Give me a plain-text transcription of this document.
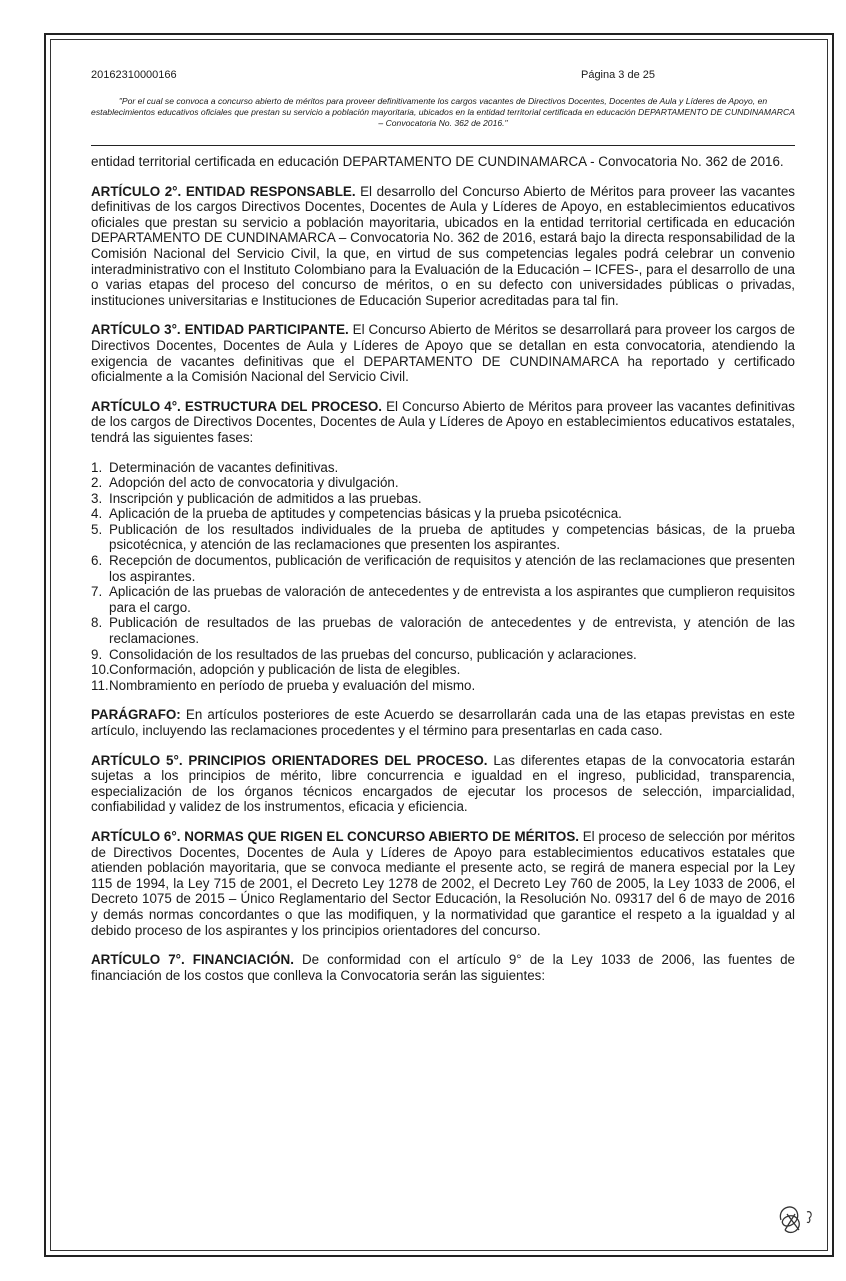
20162310000166	Página 3 de 25
"Por el cual se convoca a concurso abierto de méritos para proveer definitivamente los cargos vacantes de Directivos Docentes, Docentes de Aula y Líderes de Apoyo, en establecimientos educativos oficiales que prestan su servicio a población mayoritaria, ubicados en la entidad territorial certificada en educación DEPARTAMENTO DE CUNDINAMARCA – Convocatoria No. 362 de 2016."
entidad territorial certificada en educación DEPARTAMENTO DE CUNDINAMARCA - Convocatoria No. 362 de 2016.
ARTÍCULO 2°. ENTIDAD RESPONSABLE. El desarrollo del Concurso Abierto de Méritos para proveer las vacantes definitivas de los cargos Directivos Docentes, Docentes de Aula y Líderes de Apoyo, en establecimientos educativos oficiales que prestan su servicio a población mayoritaria, ubicados en la entidad territorial certificada en educación DEPARTAMENTO DE CUNDINAMARCA – Convocatoria No. 362 de 2016, estará bajo la directa responsabilidad de la Comisión Nacional del Servicio Civil, la que, en virtud de sus competencias legales podrá celebrar un convenio interadministrativo con el Instituto Colombiano para la Evaluación de la Educación – ICFES-, para el desarrollo de una o varias etapas del proceso del concurso de méritos, o en su defecto con universidades públicas o privadas, instituciones universitarias e Instituciones de Educación Superior acreditadas para tal fin.
ARTÍCULO 3°. ENTIDAD PARTICIPANTE. El Concurso Abierto de Méritos se desarrollará para proveer los cargos de Directivos Docentes, Docentes de Aula y Líderes de Apoyo que se detallan en esta convocatoria, atendiendo la exigencia de vacantes definitivas que el DEPARTAMENTO DE CUNDINAMARCA ha reportado y certificado oficialmente a la Comisión Nacional del Servicio Civil.
ARTÍCULO 4°. ESTRUCTURA DEL PROCESO. El Concurso Abierto de Méritos para proveer las vacantes definitivas de los cargos de Directivos Docentes, Docentes de Aula y Líderes de Apoyo en establecimientos educativos estatales, tendrá las siguientes fases:
1. Determinación de vacantes definitivas.
2. Adopción del acto de convocatoria y divulgación.
3. Inscripción y publicación de admitidos a las pruebas.
4. Aplicación de la prueba de aptitudes y competencias básicas y la prueba psicotécnica.
5. Publicación de los resultados individuales de la prueba de aptitudes y competencias básicas, de la prueba psicotécnica, y atención de las reclamaciones que presenten los aspirantes.
6. Recepción de documentos, publicación de verificación de requisitos y atención de las reclamaciones que presenten los aspirantes.
7. Aplicación de las pruebas de valoración de antecedentes y de entrevista a los aspirantes que cumplieron requisitos para el cargo.
8. Publicación de resultados de las pruebas de valoración de antecedentes y de entrevista, y atención de las reclamaciones.
9. Consolidación de los resultados de las pruebas del concurso, publicación y aclaraciones.
10. Conformación, adopción y publicación de lista de elegibles.
11. Nombramiento en período de prueba y evaluación del mismo.
PARÁGRAFO: En artículos posteriores de este Acuerdo se desarrollarán cada una de las etapas previstas en este artículo, incluyendo las reclamaciones procedentes y el término para presentarlas en cada caso.
ARTÍCULO 5°. PRINCIPIOS ORIENTADORES DEL PROCESO. Las diferentes etapas de la convocatoria estarán sujetas a los principios de mérito, libre concurrencia e igualdad en el ingreso, publicidad, transparencia, especialización de los órganos técnicos encargados de ejecutar los procesos de selección, imparcialidad, confiabilidad y validez de los instrumentos, eficacia y eficiencia.
ARTÍCULO 6°. NORMAS QUE RIGEN EL CONCURSO ABIERTO DE MÉRITOS. El proceso de selección por méritos de Directivos Docentes, Docentes de Aula y Líderes de Apoyo para establecimientos educativos estatales que atienden población mayoritaria, que se convoca mediante el presente acto, se regirá de manera especial por la Ley 115 de 1994, la Ley 715 de 2001, el Decreto Ley 1278 de 2002, el Decreto Ley 760 de 2005, la Ley 1033 de 2006, el Decreto 1075 de 2015 – Único Reglamentario del Sector Educación, la Resolución No. 09317 del 6 de mayo de 2016 y demás normas concordantes o que las modifiquen, y la normatividad que garantice el respeto a la igualdad y al debido proceso de los aspirantes y los principios orientadores del concurso.
ARTÍCULO 7°. FINANCIACIÓN. De conformidad con el artículo 9° de la Ley 1033 de 2006, las fuentes de financiación de los costos que conlleva la Convocatoria serán las siguientes:
